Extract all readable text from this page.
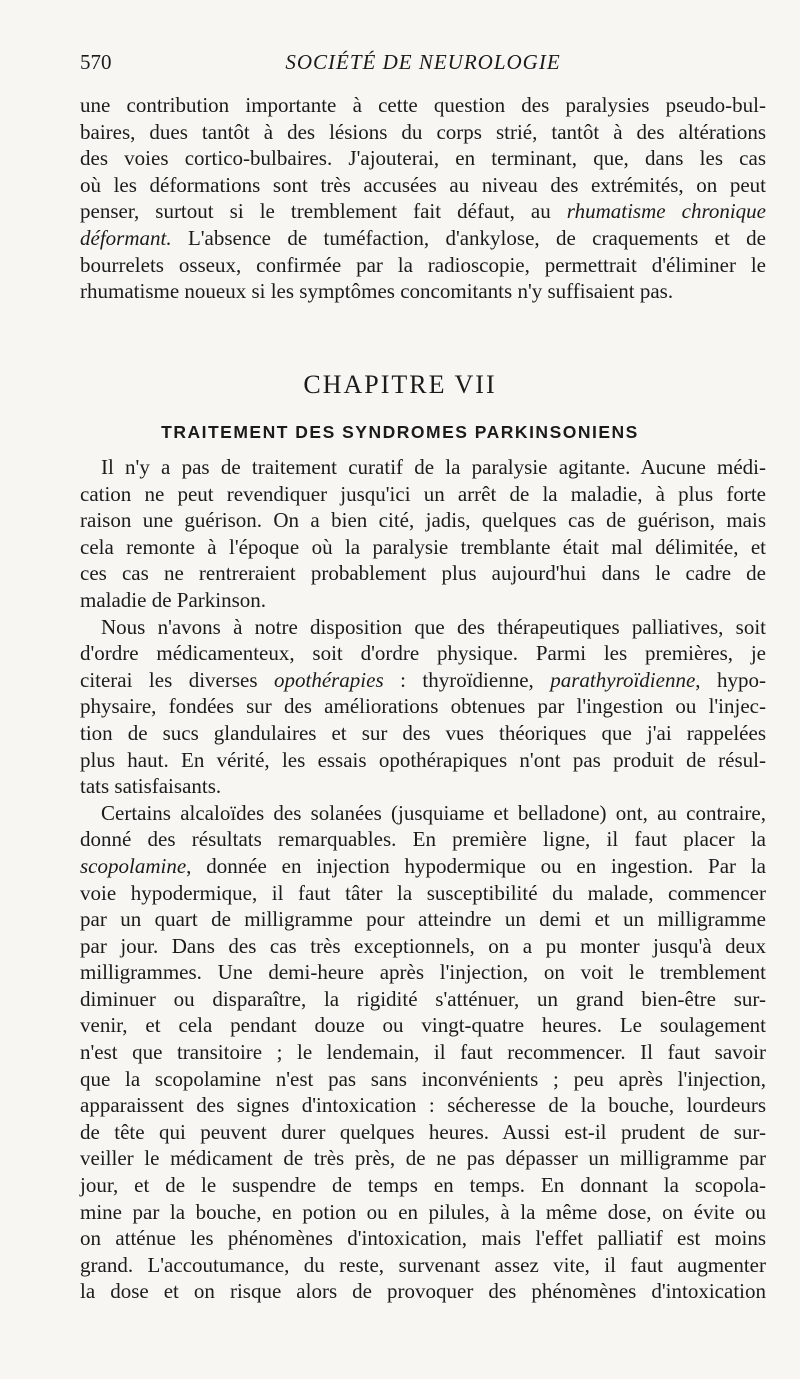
570	SOCIÉTÉ DE NEUROLOGIE
une contribution importante à cette question des paralysies pseudo-bul-
baires, dues tantôt à des lésions du corps strié, tantôt à des altérations
des voies cortico-bulbaires. J'ajouterai, en terminant, que, dans les cas
où les déformations sont très accusées au niveau des extrémités, on peut
penser, surtout si le tremblement fait défaut, au rhumatisme chronique
déformant. L'absence de tuméfaction, d'ankylose, de craquements et de
bourrelets osseux, confirmée par la radioscopie, permettrait d'éliminer le
rhumatisme noueux si les symptômes concomitants n'y suffisaient pas.
CHAPITRE VII
TRAITEMENT DES SYNDROMES PARKINSONIENS
Il n'y a pas de traitement curatif de la paralysie agitante. Aucune médi-
cation ne peut revendiquer jusqu'ici un arrêt de la maladie, à plus forte
raison une guérison. On a bien cité, jadis, quelques cas de guérison, mais
cela remonte à l'époque où la paralysie tremblante était mal délimitée, et
ces cas ne rentreraient probablement plus aujourd'hui dans le cadre de
maladie de Parkinson.
Nous n'avons à notre disposition que des thérapeutiques palliatives, soit
d'ordre médicamenteux, soit d'ordre physique. Parmi les premières, je
citerai les diverses opothérapies : thyroïdienne, parathyroïdienne, hypo-
physaire, fondées sur des améliorations obtenues par l'ingestion ou l'injec-
tion de sucs glandulaires et sur des vues théoriques que j'ai rappelées
plus haut. En vérité, les essais opothérapiques n'ont pas produit de résul-
tats satisfaisants.
Certains alcaloïdes des solanées (jusquiame et belladone) ont, au contraire,
donné des résultats remarquables. En première ligne, il faut placer la
scopolamine, donnée en injection hypodermique ou en ingestion. Par la
voie hypodermique, il faut tâter la susceptibilité du malade, commencer
par un quart de milligramme pour atteindre un demi et un milligramme
par jour. Dans des cas très exceptionnels, on a pu monter jusqu'à deux
milligrammes. Une demi-heure après l'injection, on voit le tremblement
diminuer ou disparaître, la rigidité s'atténuer, un grand bien-être sur-
venir, et cela pendant douze ou vingt-quatre heures. Le soulagement
n'est que transitoire ; le lendemain, il faut recommencer. Il faut savoir
que la scopolamine n'est pas sans inconvénients ; peu après l'injection,
apparaissent des signes d'intoxication : sécheresse de la bouche, lourdeurs
de tête qui peuvent durer quelques heures. Aussi est-il prudent de sur-
veiller le médicament de très près, de ne pas dépasser un milligramme par
jour, et de le suspendre de temps en temps. En donnant la scopola-
mine par la bouche, en potion ou en pilules, à la même dose, on évite ou
on atténue les phénomènes d'intoxication, mais l'effet palliatif est moins
grand. L'accoutumance, du reste, survenant assez vite, il faut augmenter
la dose et on risque alors de provoquer des phénomènes d'intoxication
